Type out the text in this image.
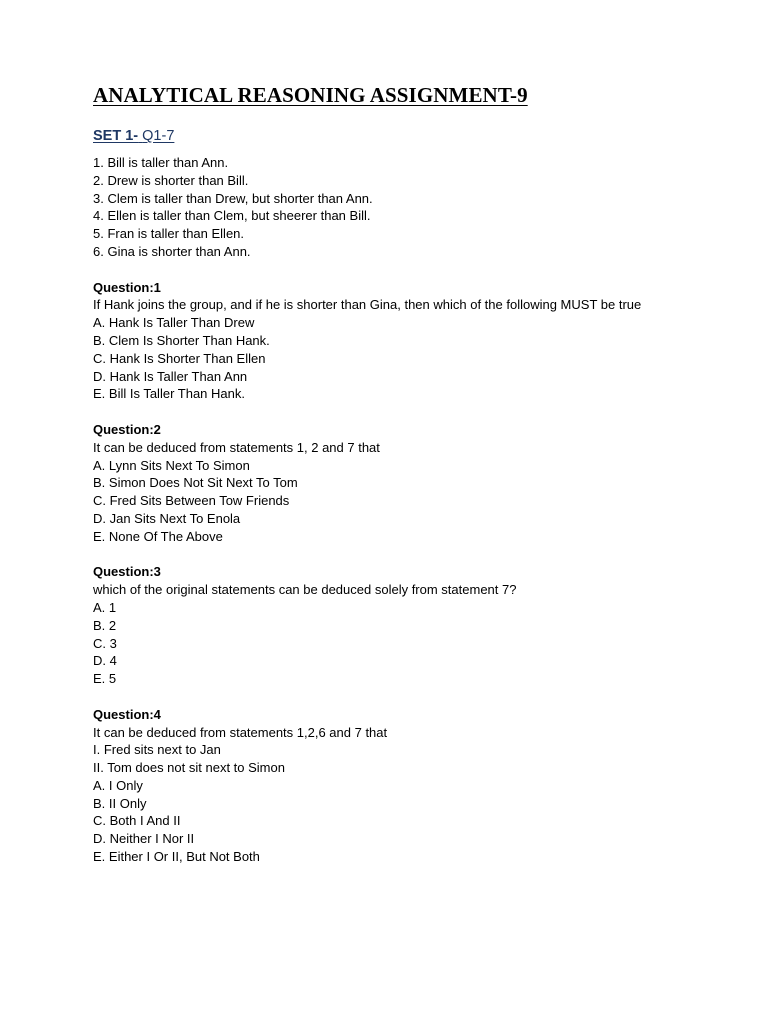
ANALYTICAL REASONING ASSIGNMENT-9
SET 1- Q1-7

1. Bill is taller than Ann.

2. Drew is shorter than Bill.

3. Clem is taller than Drew, but shorter than Ann.

4. Ellen is taller than Clem, but sheerer than Bill.

5. Fran is taller than Ellen.

6. Gina is shorter than Ann.

Question:1

If Hank joins the group, and if he is shorter than Gina, then which of the following MUST be true

A. Hank Is Taller Than Drew

B. Clem Is Shorter Than Hank.

C. Hank Is Shorter Than Ellen

D. Hank Is Taller Than Ann

E. Bill Is Taller Than Hank.

Question:2

It can be deduced from statements 1, 2 and 7 that

A. Lynn Sits Next To Simon

B. Simon Does Not Sit Next To Tom

C. Fred Sits Between Tow Friends

D. Jan Sits Next To Enola

E. None Of The Above

Question:3

which of the original statements can be deduced solely from statement 7?

A. 1

B. 2

C. 3

D. 4

E. 5

Question:4

It can be deduced from statements 1,2,6 and 7 that

I. Fred sits next to Jan

II. Tom does not sit next to Simon

A. I Only

B. II Only

C. Both I And II

D. Neither I Nor II

E. Either I Or II, But Not Both
